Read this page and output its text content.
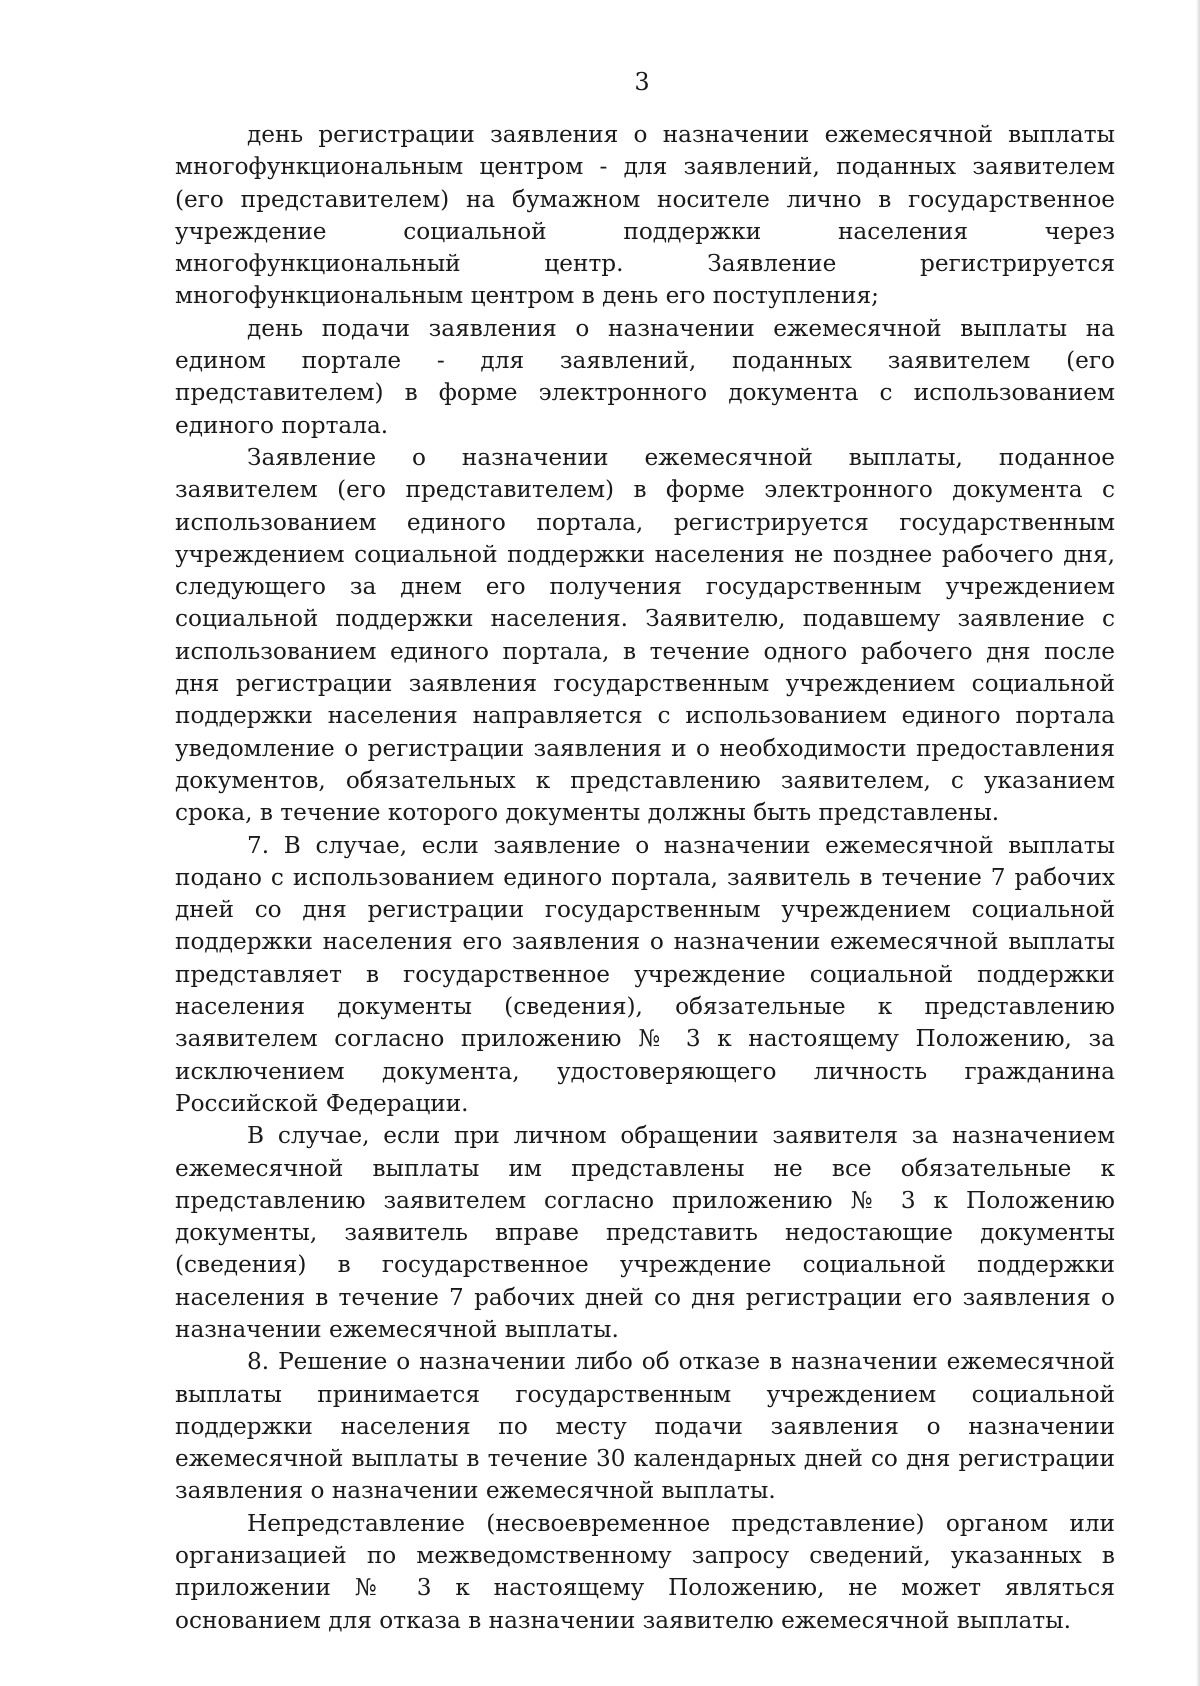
3

день регистрации заявления о назначении ежемесячной выплаты многофункциональным центром - для заявлений, поданных заявителем (его представителем) на бумажном носителе лично в государственное учреждение социальной поддержки населения через многофункциональный центр. Заявление регистрируется многофункциональным центром в день его поступления;

день подачи заявления о назначении ежемесячной выплаты на едином портале - для заявлений, поданных заявителем (его представителем) в форме электронного документа с использованием единого портала.

Заявление о назначении ежемесячной выплаты, поданное заявителем (его представителем) в форме электронного документа с использованием единого портала, регистрируется государственным учреждением социальной поддержки населения не позднее рабочего дня, следующего за днем его получения государственным учреждением социальной поддержки населения. Заявителю, подавшему заявление с использованием единого портала, в течение одного рабочего дня после дня регистрации заявления государственным учреждением социальной поддержки населения направляется с использованием единого портала уведомление о регистрации заявления и о необходимости предоставления документов, обязательных к представлению заявителем, с указанием срока, в течение которого документы должны быть представлены.

7. В случае, если заявление о назначении ежемесячной выплаты подано с использованием единого портала, заявитель в течение 7 рабочих дней со дня регистрации государственным учреждением социальной поддержки населения его заявления о назначении ежемесячной выплаты представляет в государственное учреждение социальной поддержки населения документы (сведения), обязательные к представлению заявителем согласно приложению № 3 к настоящему Положению, за исключением документа, удостоверяющего личность гражданина Российской Федерации.

В случае, если при личном обращении заявителя за назначением ежемесячной выплаты им представлены не все обязательные к представлению заявителем согласно приложению № 3 к Положению документы, заявитель вправе представить недостающие документы (сведения) в государственное учреждение социальной поддержки населения в течение 7 рабочих дней со дня регистрации его заявления о назначении ежемесячной выплаты.

8. Решение о назначении либо об отказе в назначении ежемесячной выплаты принимается государственным учреждением социальной поддержки населения по месту подачи заявления о назначении ежемесячной выплаты в течение 30 календарных дней со дня регистрации заявления о назначении ежемесячной выплаты.

Непредставление (несвоевременное представление) органом или организацией по межведомственному запросу сведений, указанных в приложении № 3 к настоящему Положению, не может являться основанием для отказа в назначении заявителю ежемесячной выплаты.
